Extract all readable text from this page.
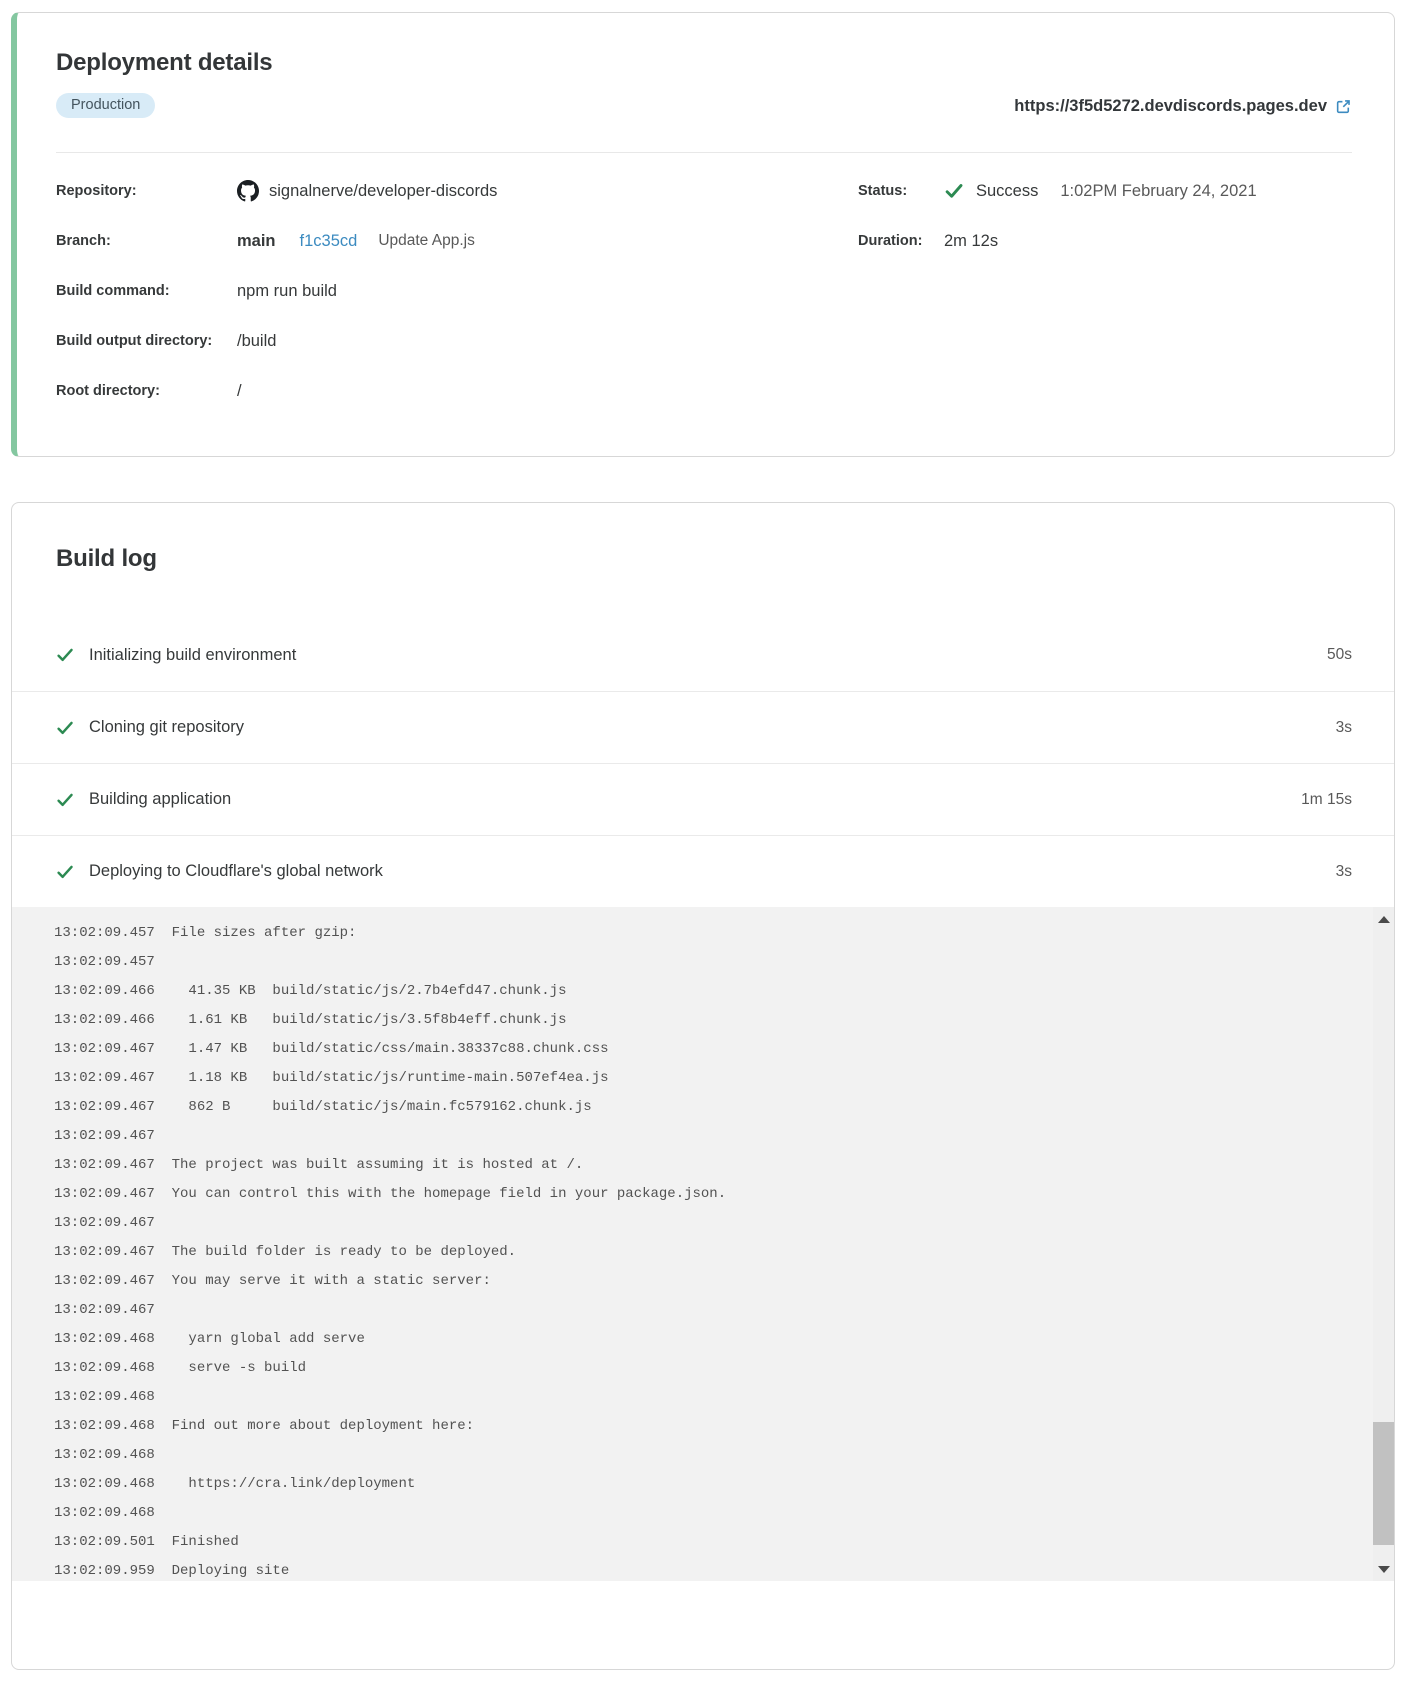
Deployment details
Production	https://3f5d5272.devdiscords.pages.dev
Repository:	signalnerve/developer-discords
Branch:	main f1c35cd Update App.js
Build command:	npm run build
Build output directory:	/build
Root directory:	/
Status:	Success 1:02PM February 24, 2021
Duration:	2m 12s
Build log
Initializing build environment	50s
Cloning git repository	3s
Building application	1m 15s
Deploying to Cloudflare's global network	3s
13:02:09.457  File sizes after gzip:
13:02:09.457
13:02:09.466    41.35 KB  build/static/js/2.7b4efd47.chunk.js
13:02:09.466    1.61 KB   build/static/js/3.5f8b4eff.chunk.js
13:02:09.467    1.47 KB   build/static/css/main.38337c88.chunk.css
13:02:09.467    1.18 KB   build/static/js/runtime-main.507ef4ea.js
13:02:09.467    862 B     build/static/js/main.fc579162.chunk.js
13:02:09.467
13:02:09.467  The project was built assuming it is hosted at /.
13:02:09.467  You can control this with the homepage field in your package.json.
13:02:09.467
13:02:09.467  The build folder is ready to be deployed.
13:02:09.467  You may serve it with a static server:
13:02:09.467
13:02:09.468    yarn global add serve
13:02:09.468    serve -s build
13:02:09.468
13:02:09.468  Find out more about deployment here:
13:02:09.468
13:02:09.468    https://cra.link/deployment
13:02:09.468
13:02:09.501  Finished
13:02:09.959  Deploying site
